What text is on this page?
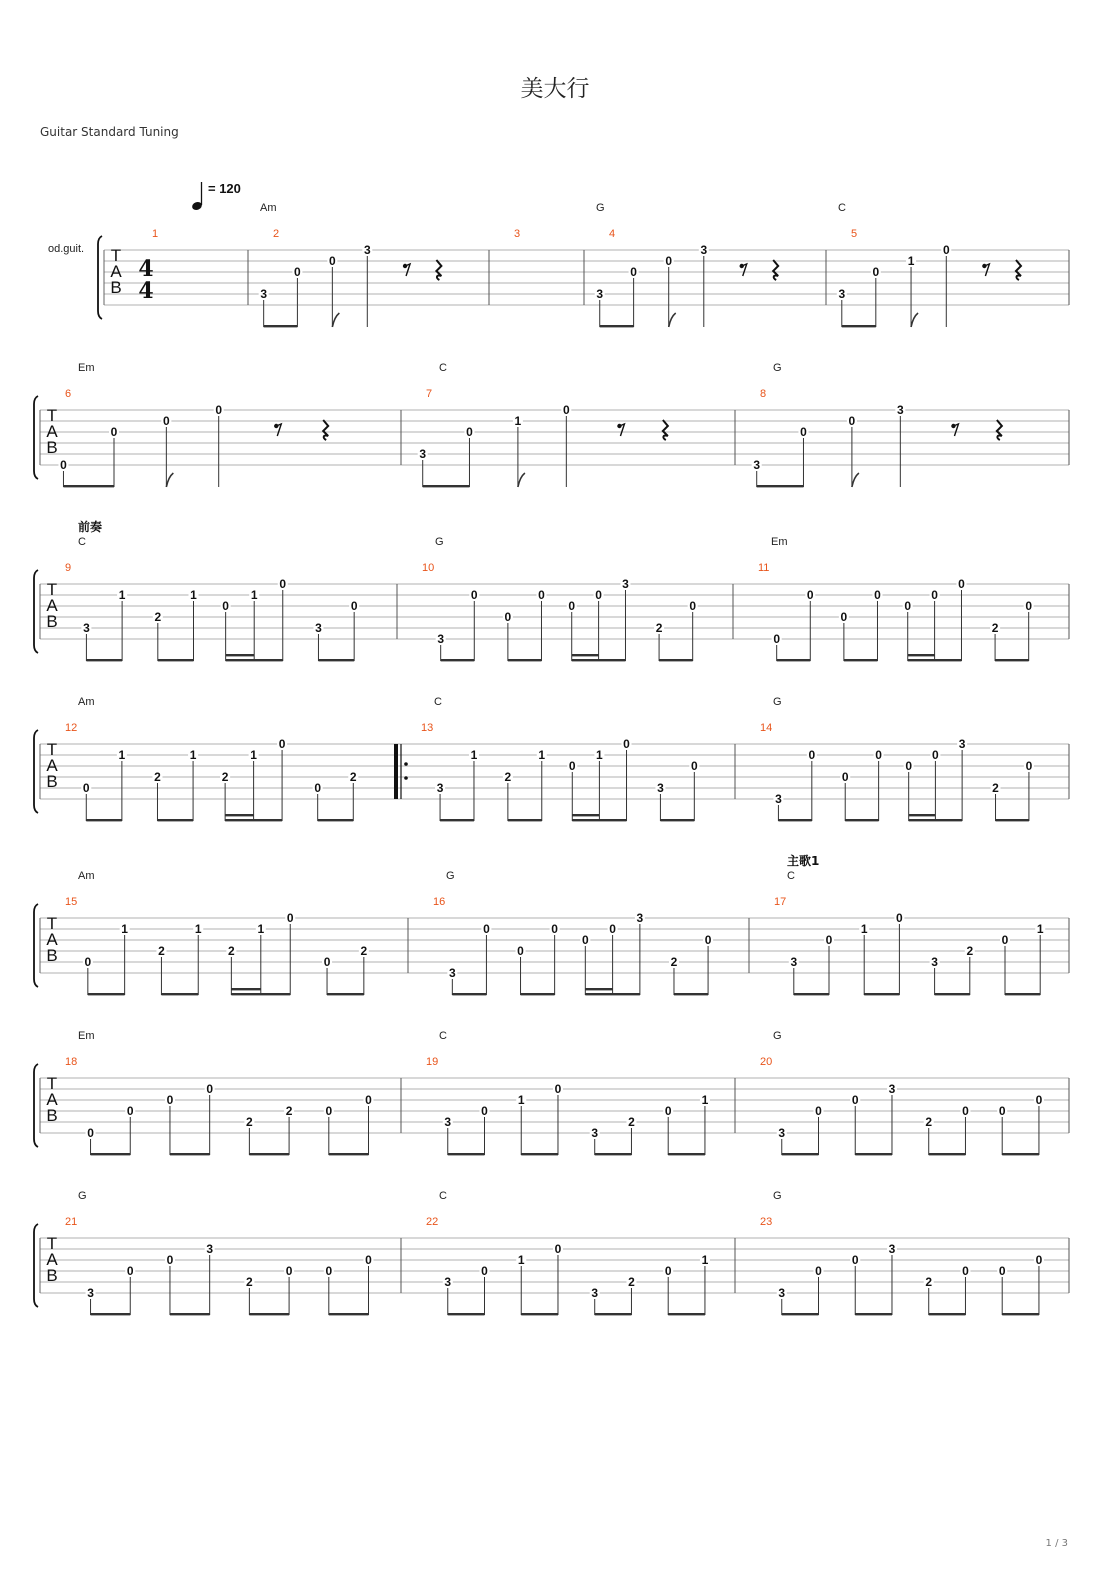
美大行
Guitar Standard Tuning
1 / 3
T
A
B
od.guit.
4
4
= 120
1	2
Am
3
0
0
3
3	4
G
3
0
0
3
5
C
3
0
1
0
T
A
B
6
Em
0
0
0
0
7
C
3
0
1
0
8
G
3
0
0
3
T
A
B
9
C
前奏
3
1
2
1
0
1
0
3
0
10
G
3
0
0
0
0
0
3
2
0
11
Em
0
0
0
0
0
0
0
2
0
T
A
B
12
Am
0
1
2
1
2
1
0
0
2
13
C
3
1
2
1
0
1
0
3
0
14
G
3
0
0
0
0
0
3
2
0
T
A
B
15
Am
0
1
2
1
2
1
0
0
2
16
G
3
0
0
0
0
0
3
2
0
17
C
主歌1
3
0
1
0
3
2
0
1
T
A
B
18
Em
0
0
0
0
2
2	0
0
19
C
3
0
1
0
3
2
0
1
20
G
3
0
0
3
2
0	0
0
T
A
B
21
G
3
0
0
3
2
0	0
0
22
C
3
0
1
0
3
2
0
1
23
G
3
0
0
3
2
0	0
0
